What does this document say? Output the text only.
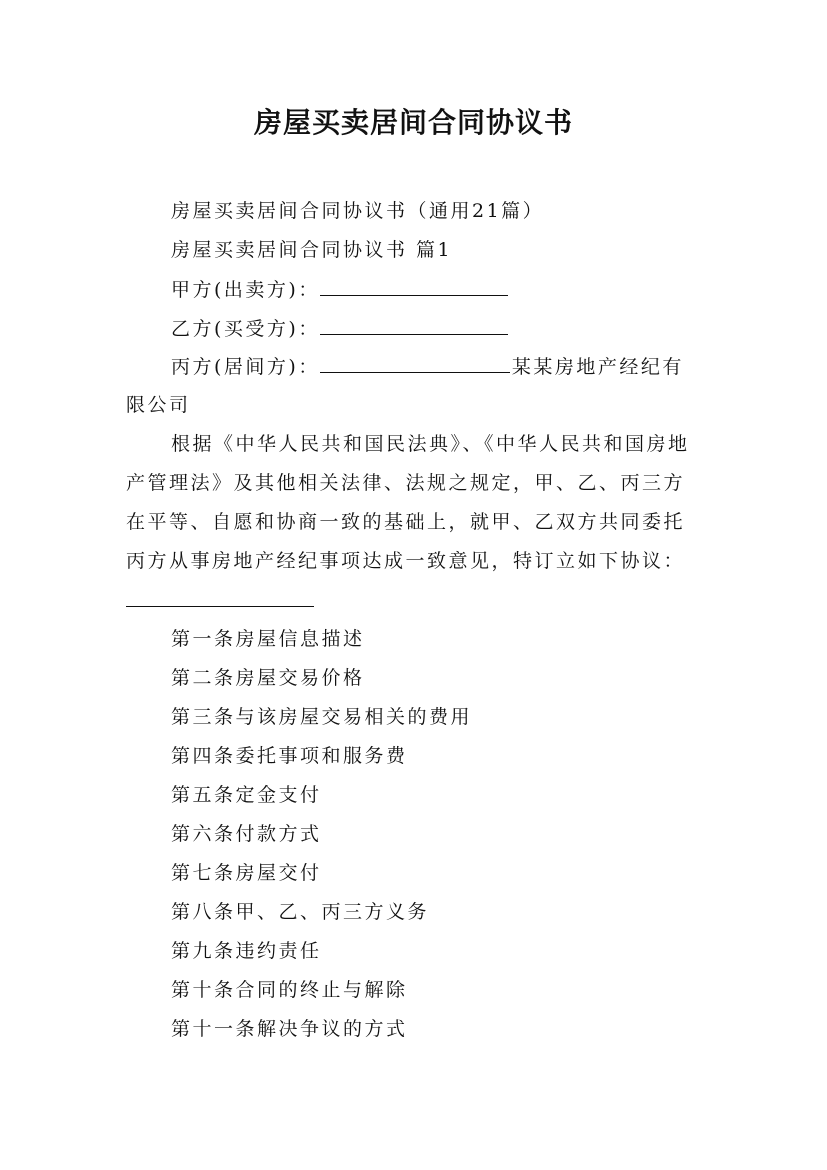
房屋买卖居间合同协议书
房屋买卖居间合同协议书（通用21篇）
房屋买卖居间合同协议书 篇1
甲方(出卖方)：
乙方(买受方)：
丙方(居间方)：	某某房地产经纪有
限公司
根据《中华人民共和国民法典》、《中华人民共和国房地
产管理法》及其他相关法律、法规之规定，甲、乙、丙三方
在平等、自愿和协商一致的基础上，就甲、乙双方共同委托
丙方从事房地产经纪事项达成一致意见，特订立如下协议：
第一条房屋信息描述
第二条房屋交易价格
第三条与该房屋交易相关的费用
第四条委托事项和服务费
第五条定金支付
第六条付款方式
第七条房屋交付
第八条甲、乙、丙三方义务
第九条违约责任
第十条合同的终止与解除
第十一条解决争议的方式
